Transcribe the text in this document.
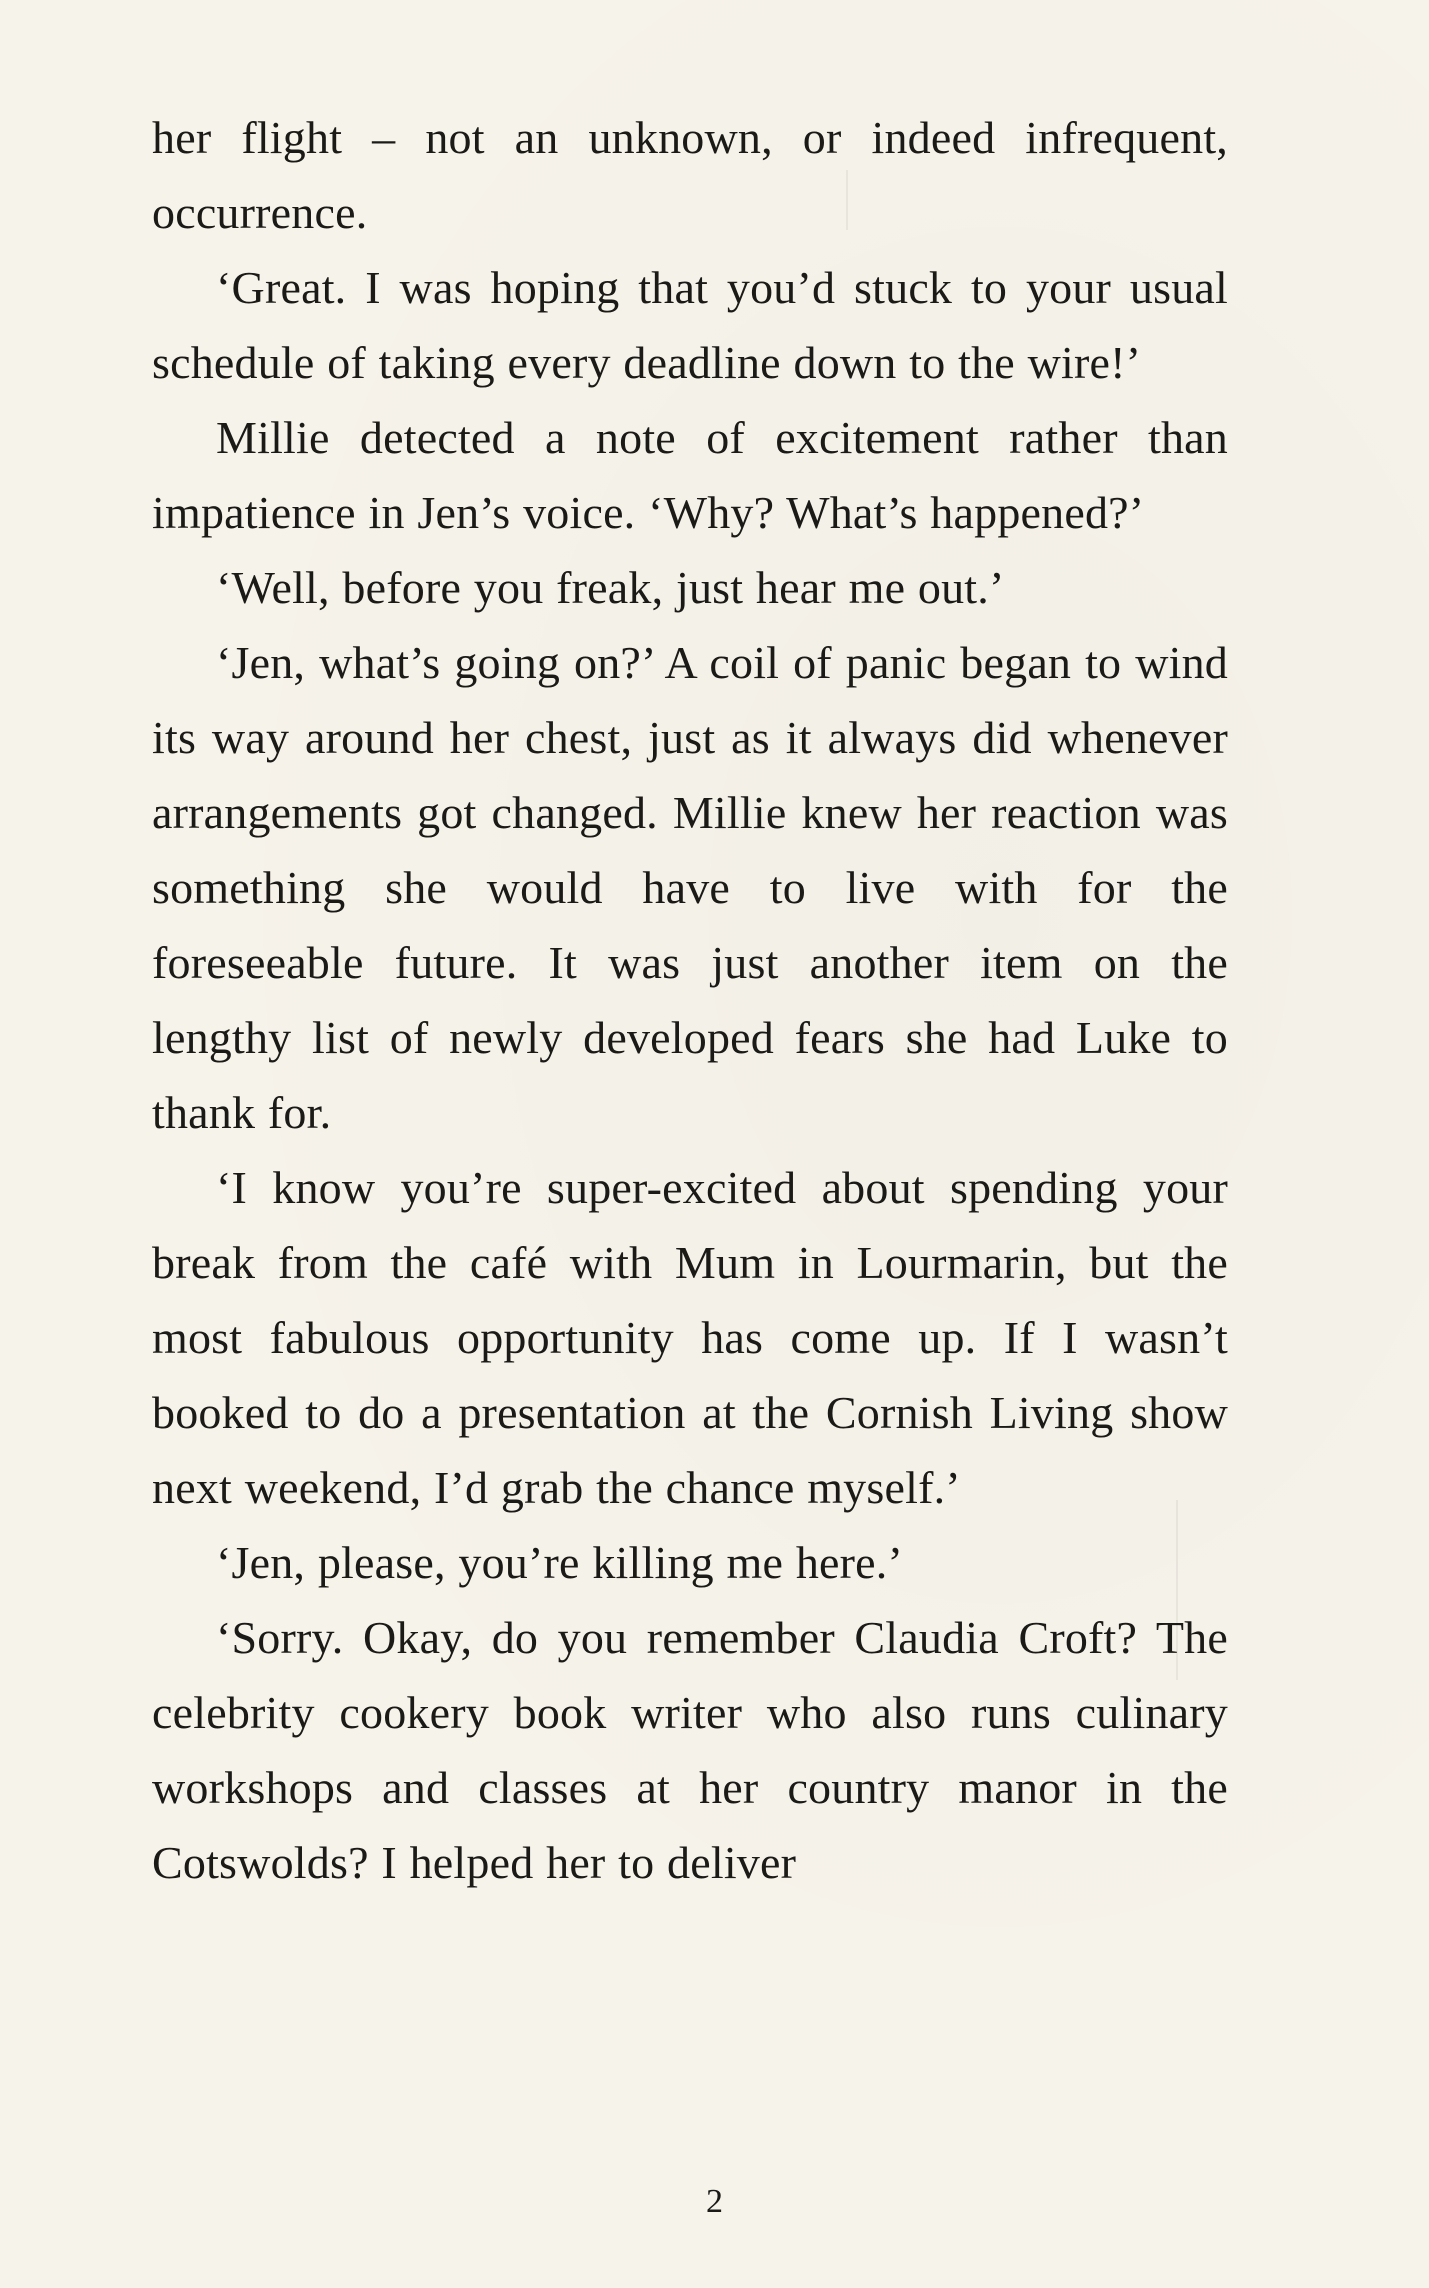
her flight – not an unknown, or indeed infrequent, occurrence.

‘Great. I was hoping that you’d stuck to your usual schedule of taking every deadline down to the wire!’

Millie detected a note of excitement rather than impatience in Jen’s voice. ‘Why? What’s happened?’

‘Well, before you freak, just hear me out.’

‘Jen, what’s going on?’ A coil of panic began to wind its way around her chest, just as it always did whenever arrangements got changed. Millie knew her reaction was something she would have to live with for the foreseeable future. It was just another item on the lengthy list of newly developed fears she had Luke to thank for.

‘I know you’re super-excited about spending your break from the café with Mum in Lourmarin, but the most fabulous opportunity has come up. If I wasn’t booked to do a presentation at the Cornish Living show next weekend, I’d grab the chance myself.’

‘Jen, please, you’re killing me here.’

‘Sorry. Okay, do you remember Claudia Croft? The celebrity cookery book writer who also runs culinary workshops and classes at her country manor in the Cotswolds? I helped her to deliver

2
